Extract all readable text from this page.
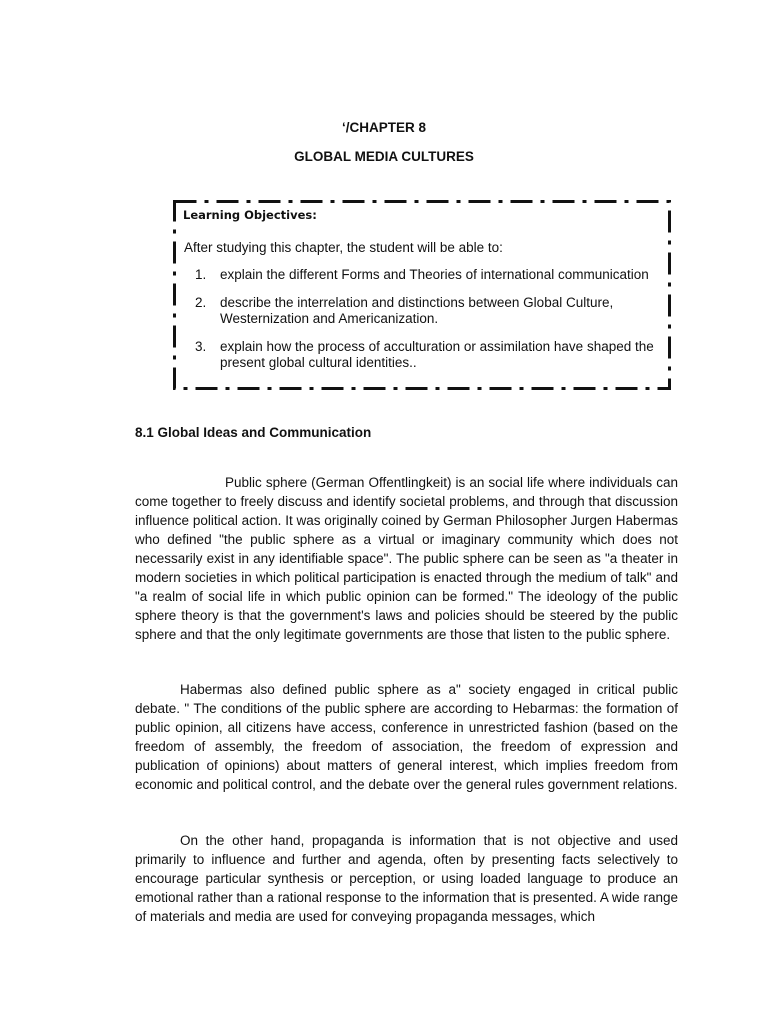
‘/CHAPTER 8
GLOBAL MEDIA CULTURES
Learning Objectives:
After studying this chapter, the student will be able to:
1. explain the different Forms and Theories of international communication
2. describe the interrelation and distinctions between Global Culture, Westernization and Americanization.
3. explain how the process of acculturation or assimilation have shaped the present global cultural identities..
8.1 Global Ideas and Communication

Public sphere (German Offentlingkeit) is an social life where individuals can come together to freely discuss and identify societal problems, and through that discussion influence political action. It was originally coined by German Philosopher Jurgen Habermas who defined "the public sphere as a virtual or imaginary community which does not necessarily exist in any identifiable space". The public sphere can be seen as "a theater in modern societies in which political participation is enacted through the medium of talk" and "a realm of social life in which public opinion can be formed." The ideology of the public sphere theory is that the government's laws and policies should be steered by the public sphere and that the only legitimate governments are those that listen to the public sphere.

Habermas also defined public sphere as a" society engaged in critical public debate. " The conditions of the public sphere are according to Hebarmas: the formation of public opinion, all citizens have access, conference in unrestricted fashion (based on the freedom of assembly, the freedom of association, the freedom of expression and publication of opinions) about matters of general interest, which implies freedom from economic and political control, and the debate over the general rules government relations.

On the other hand, propaganda is information that is not objective and used primarily to influence and further and agenda, often by presenting facts selectively to encourage particular synthesis or perception, or using loaded language to produce an emotional rather than a rational response to the information that is presented. A wide range of materials and media are used for conveying propaganda messages, which
